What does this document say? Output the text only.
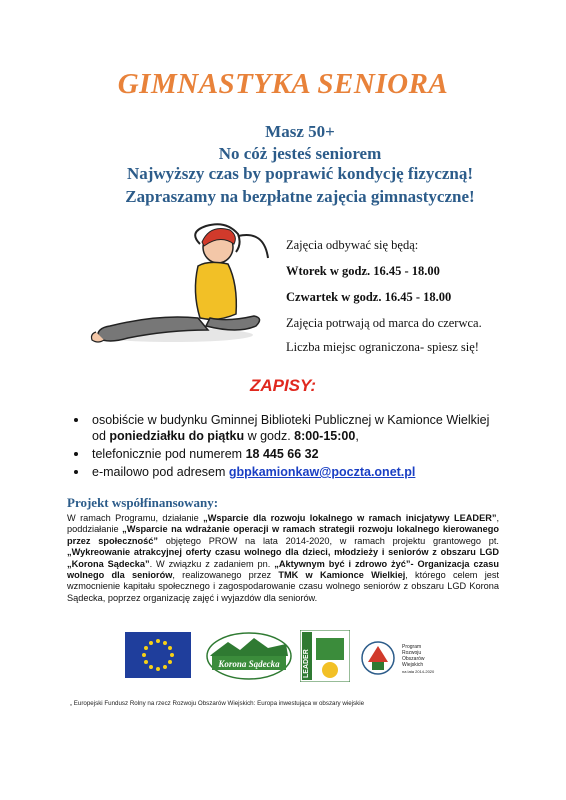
GIMNASTYKA SENIORA
Masz 50+
No cóż jesteś seniorem
Najwyższy czas by poprawić kondycję fizyczną!
Zapraszamy na bezpłatne zajęcia gimnastyczne!
Zajęcia odbywać się będą:
Wtorek w godz. 16.45 - 18.00
Czwartek w godz. 16.45 - 18.00
Zajęcia potrwają od marca do czerwca.
Liczba miejsc ograniczona- spiesz się!
ZAPISY:
osobiście w budynku Gminnej Biblioteki Publicznej w Kamionce Wielkiej od poniedziałku do piątku w godz. 8:00-15:00,
telefonicznie pod numerem 18 445 66 32
e-mailowo pod adresem gbpkamionkaw@poczta.onet.pl
Projekt współfinansowany:
W ramach Programu, działanie „Wsparcie dla rozwoju lokalnego w ramach inicjatywy LEADER”, poddziałanie „Wsparcie na wdrażanie operacji w ramach strategii rozwoju lokalnego kierowanego przez społeczność” objętego PROW na lata 2014-2020, w ramach projektu grantowego pt. „Wykreowanie atrakcyjnej oferty czasu wolnego dla dzieci, młodzieży i seniorów z obszaru LGD „Korona Sądecka”. W związku z zadaniem pn. „Aktywnym być i zdrowo żyć”- Organizacja czasu wolnego dla seniorów, realizowanego przez TMK w Kamionce Wielkiej, którego celem jest wzmocnienie kapitału społecznego i zagospodarowanie czasu wolnego seniorów z obszaru LGD Korona Sądecka, poprzez organizację zajęć i wyjazdów dla seniorów.
Korona Sądecka	LEADER
Program
Rozwoju
Obszarów
Wiejskich
na lata 2014-2020
„ Europejski Fundusz Rolny na rzecz Rozwoju Obszarów Wiejskich: Europa inwestująca w obszary wiejskie
